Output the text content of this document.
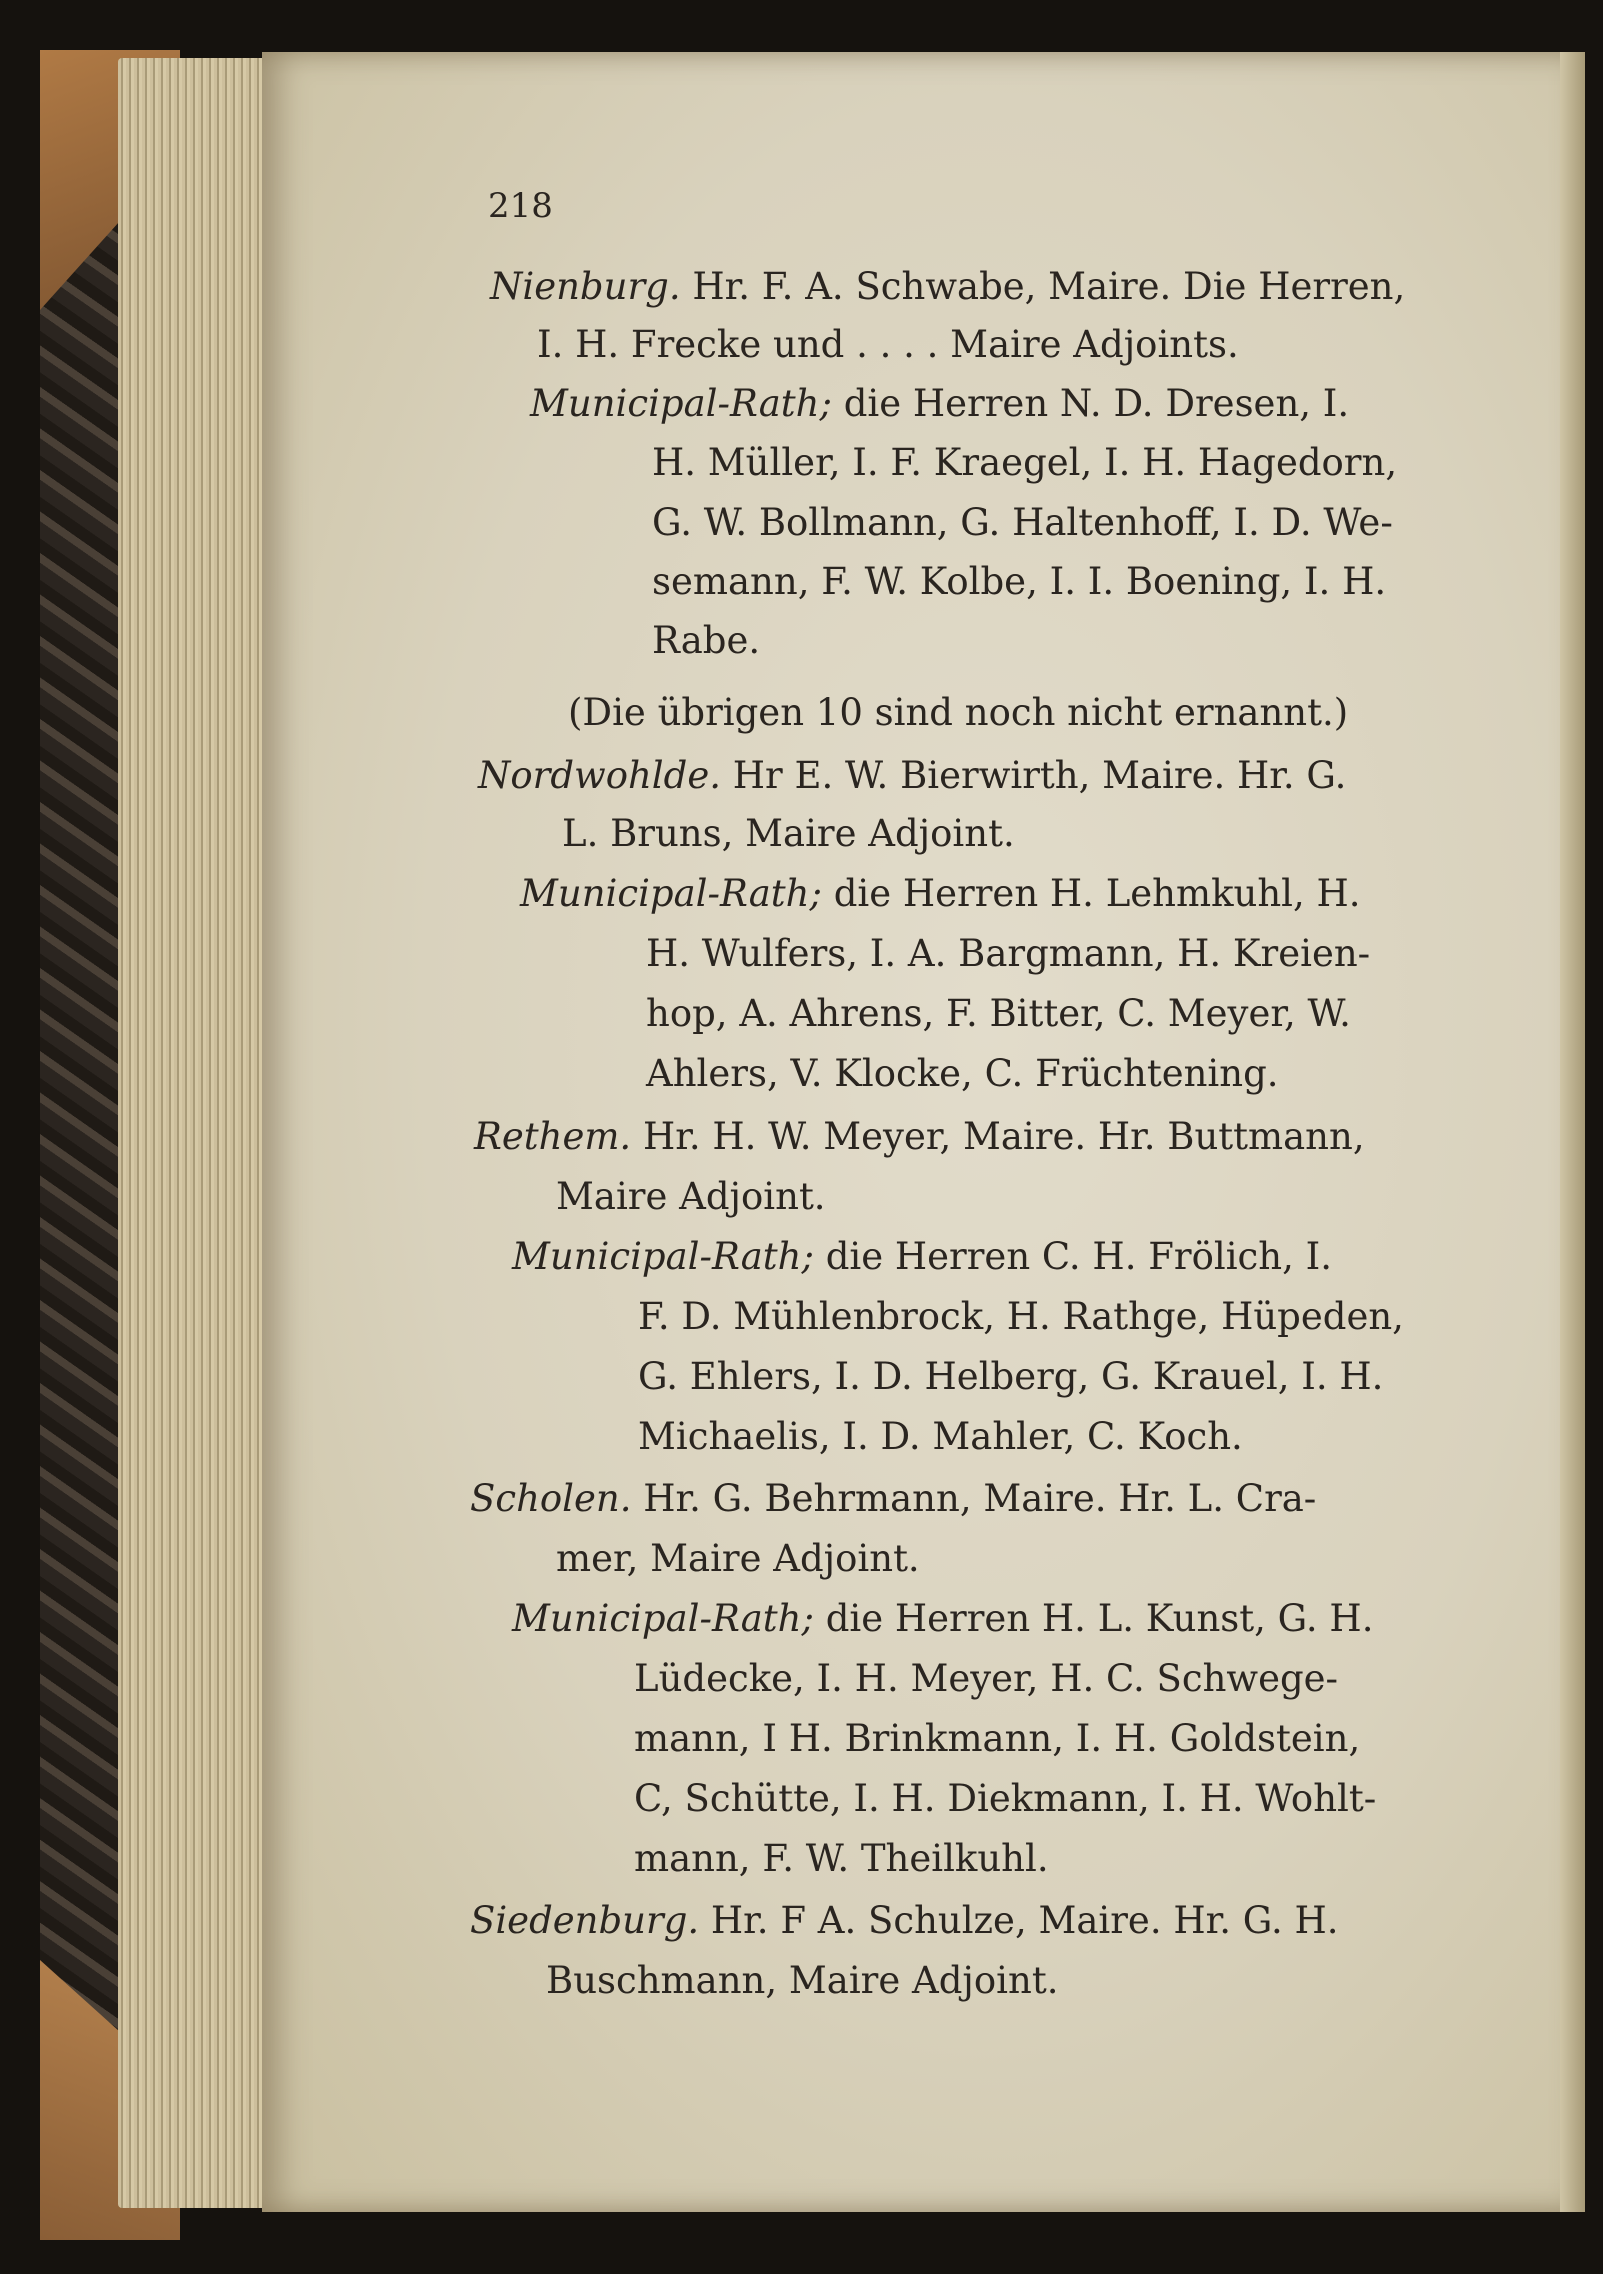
218
Nienburg. Hr. F. A. Schwabe, Maire. Die Herren,
I. H. Frecke und . . . . Maire Adjoints.
Municipal-Rath; die Herren N. D. Dresen, I.
H. Müller, I. F. Kraegel, I. H. Hagedorn,
G. W. Bollmann, G. Haltenhoff, I. D. We-
semann, F. W. Kolbe, I. I. Boening, I. H.
Rabe.
(Die übrigen 10 sind noch nicht ernannt.)
Nordwohlde. Hr E. W. Bierwirth, Maire. Hr. G.
L. Bruns, Maire Adjoint.
Municipal-Rath; die Herren H. Lehmkuhl, H.
H. Wulfers, I. A. Bargmann, H. Kreien-
hop, A. Ahrens, F. Bitter, C. Meyer, W.
Ahlers, V. Klocke, C. Früchtening.
Rethem. Hr. H. W. Meyer, Maire. Hr. Buttmann,
Maire Adjoint.
Municipal-Rath; die Herren C. H. Frölich, I.
F. D. Mühlenbrock, H. Rathge, Hüpeden,
G. Ehlers, I. D. Helberg, G. Krauel, I. H.
Michaelis, I. D. Mahler, C. Koch.
Scholen. Hr. G. Behrmann, Maire. Hr. L. Cra-
mer, Maire Adjoint.
Municipal-Rath; die Herren H. L. Kunst, G. H.
Lüdecke, I. H. Meyer, H. C. Schwege-
mann, I H. Brinkmann, I. H. Goldstein,
C, Schütte, I. H. Diekmann, I. H. Wohlt-
mann, F. W. Theilkuhl.
Siedenburg. Hr. F A. Schulze, Maire. Hr. G. H.
Buschmann, Maire Adjoint.
